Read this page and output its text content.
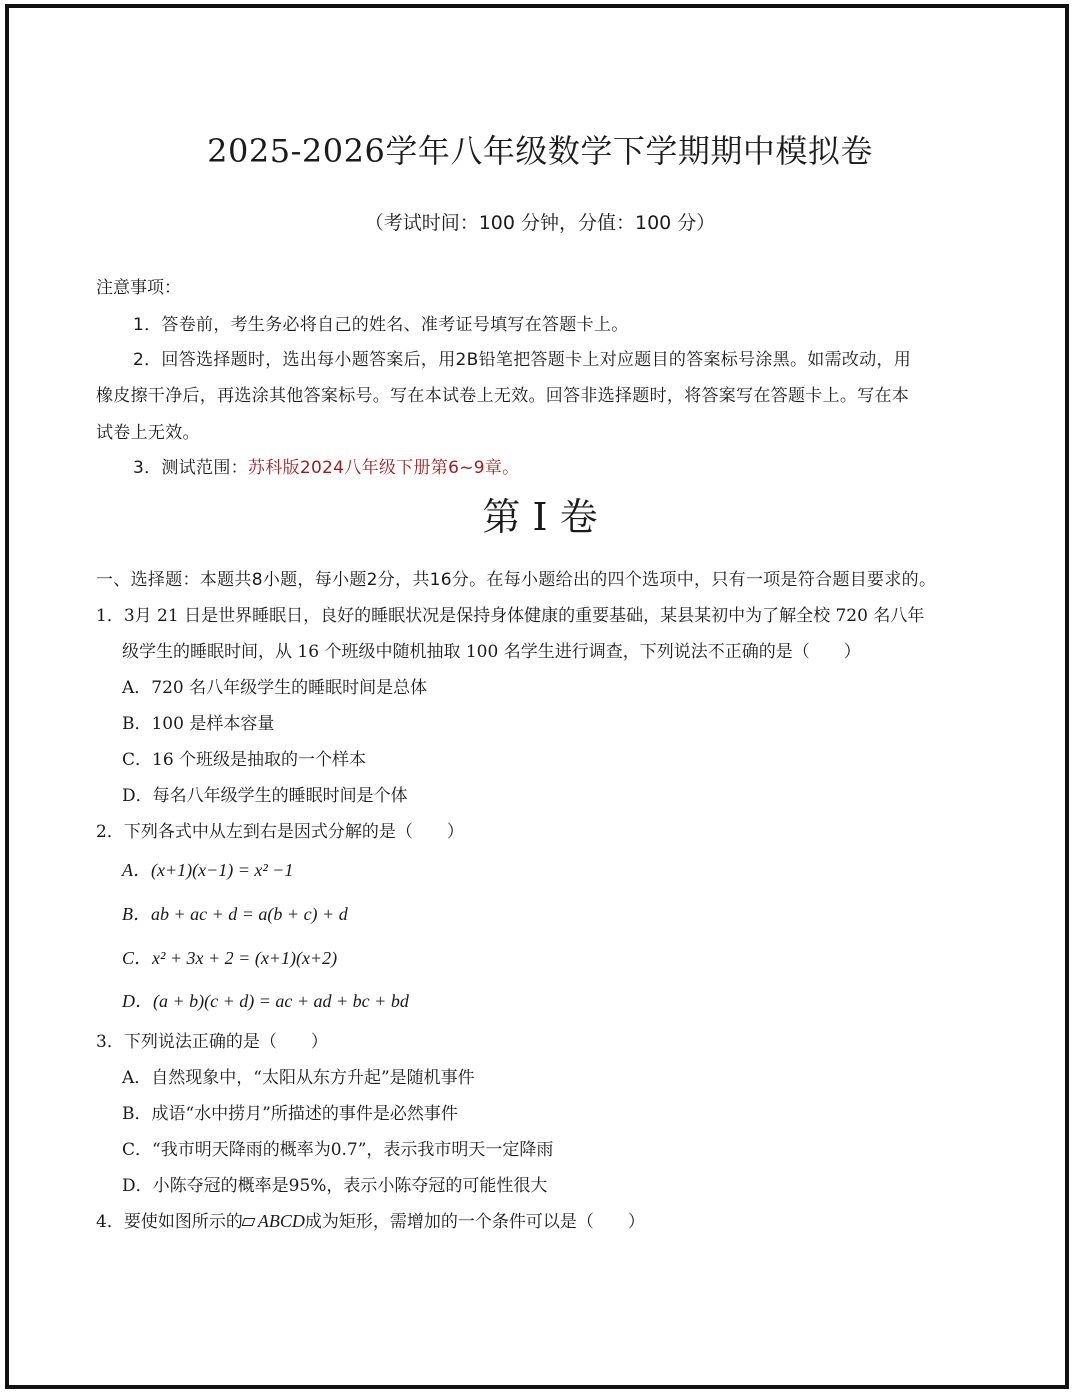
2025-2026学年八年级数学下学期期中模拟卷
（考试时间：100 分钟，分值：100 分）
注意事项：
1．答卷前，考生务必将自己的姓名、准考证号填写在答题卡上。
2．回答选择题时，选出每小题答案后，用2B铅笔把答题卡上对应题目的答案标号涂黑。如需改动，用
橡皮擦干净后，再选涂其他答案标号。写在本试卷上无效。回答非选择题时，将答案写在答题卡上。写在本
试卷上无效。
3．测试范围：苏科版2024八年级下册第6~9章。
第 I 卷
一、选择题：本题共8小题，每小题2分，共16分。在每小题给出的四个选项中，只有一项是符合题目要求的。
1．3月 21 日是世界睡眠日，良好的睡眠状况是保持身体健康的重要基础，某县某初中为了解全校 720 名八年
级学生的睡眠时间，从 16 个班级中随机抽取 100 名学生进行调查，下列说法不正确的是（　　）
A．720 名八年级学生的睡眠时间是总体
B．100 是样本容量
C．16 个班级是抽取的一个样本
D．每名八年级学生的睡眠时间是个体
2．下列各式中从左到右是因式分解的是（　　）
A．(x+1)(x−1) = x² −1
B．ab + ac + d = a(b + c) + d
C．x² + 3x + 2 = (x+1)(x+2)
D．(a + b)(c + d) = ac + ad + bc + bd
3．下列说法正确的是（　　）
A．自然现象中，“太阳从东方升起”是随机事件
B．成语“水中捞月”所描述的事件是必然事件
C．“我市明天降雨的概率为0.7”，表示我市明天一定降雨
D．小陈夺冠的概率是95%，表示小陈夺冠的可能性很大
4．要使如图所示的 ABCD成为矩形，需增加的一个条件可以是（　　）
